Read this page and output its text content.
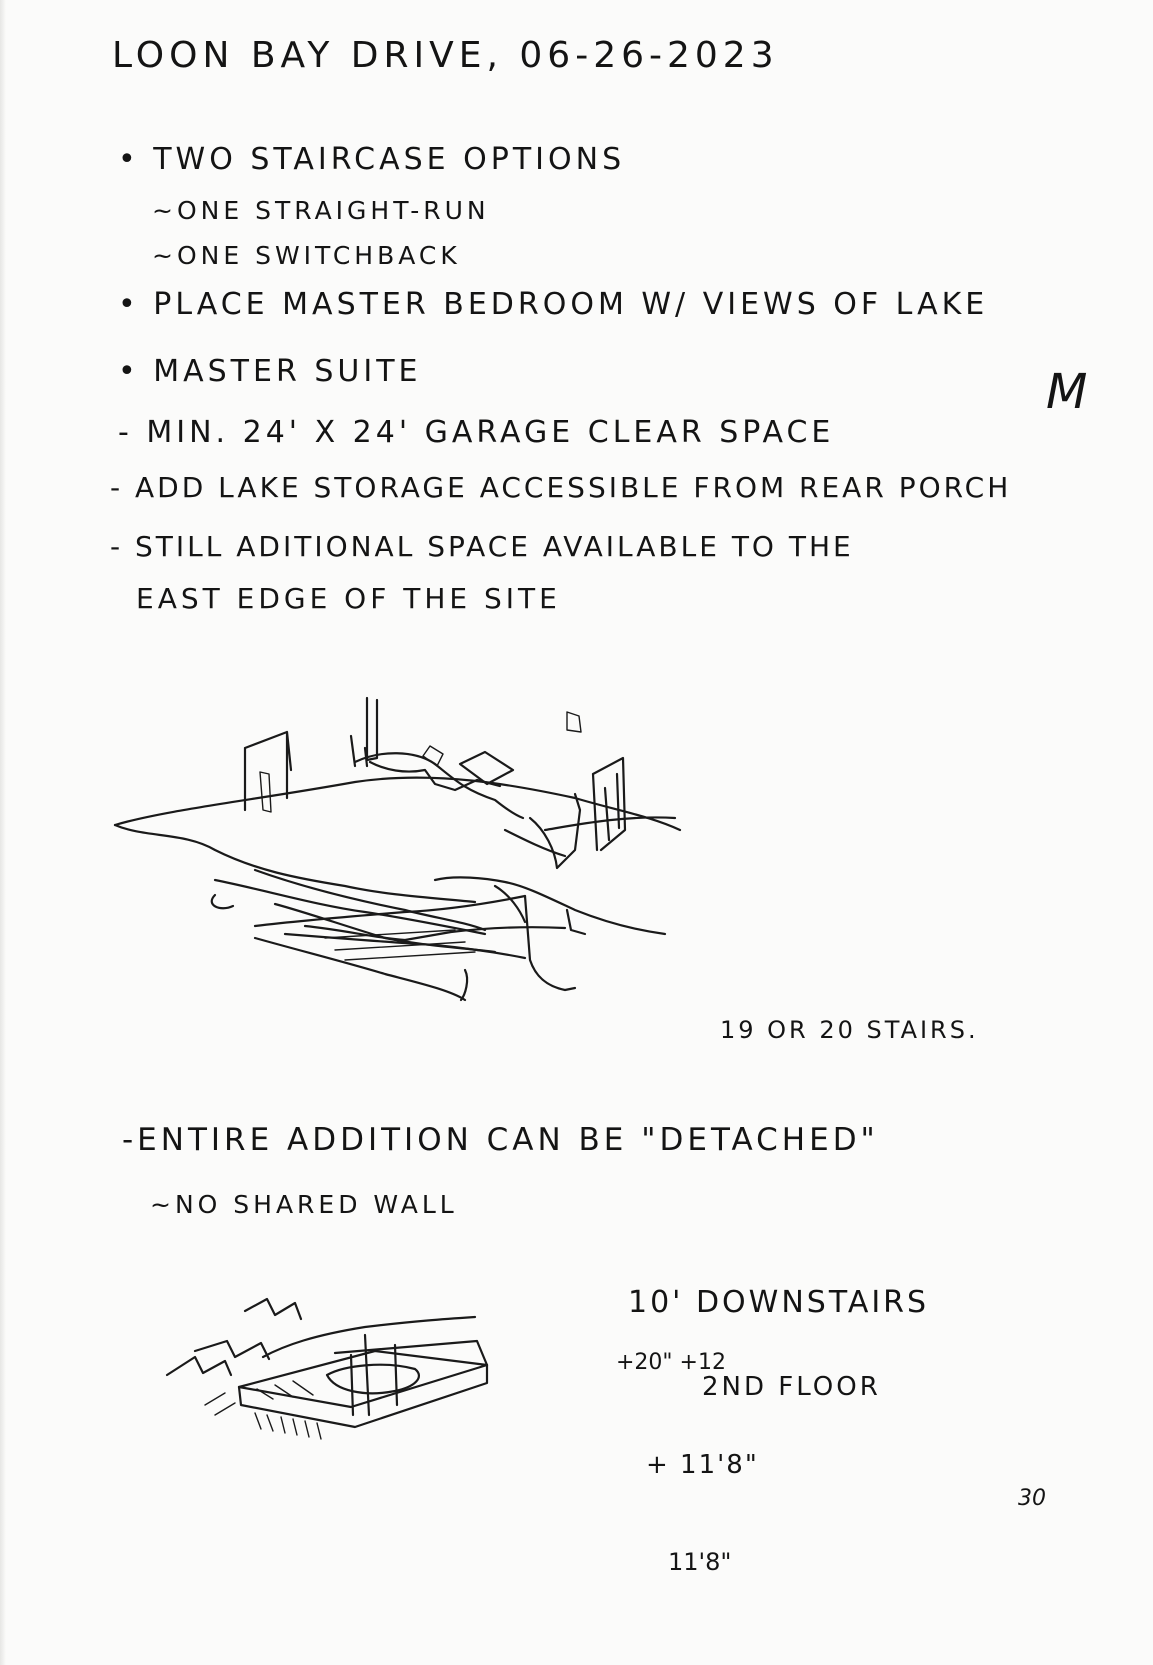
LOON BAY DRIVE, 06-26-2023

• TWO STAIRCASE OPTIONS

~ONE STRAIGHT-RUN

~ONE SWITCHBACK

• PLACE MASTER BEDROOM W/ VIEWS OF LAKE

• MASTER SUITE

- MIN. 24' X 24' GARAGE CLEAR SPACE

- ADD LAKE STORAGE ACCESSIBLE FROM REAR PORCH

- STILL ADITIONAL SPACE AVAILABLE TO THE

EAST EDGE OF THE SITE

M
19 OR 20 STAIRS.

-ENTIRE ADDITION CAN BE "DETACHED"

~NO SHARED WALL

10' DOWNSTAIRS
+20" +12
2ND FLOOR
+ 11'8"
30
11'8"
